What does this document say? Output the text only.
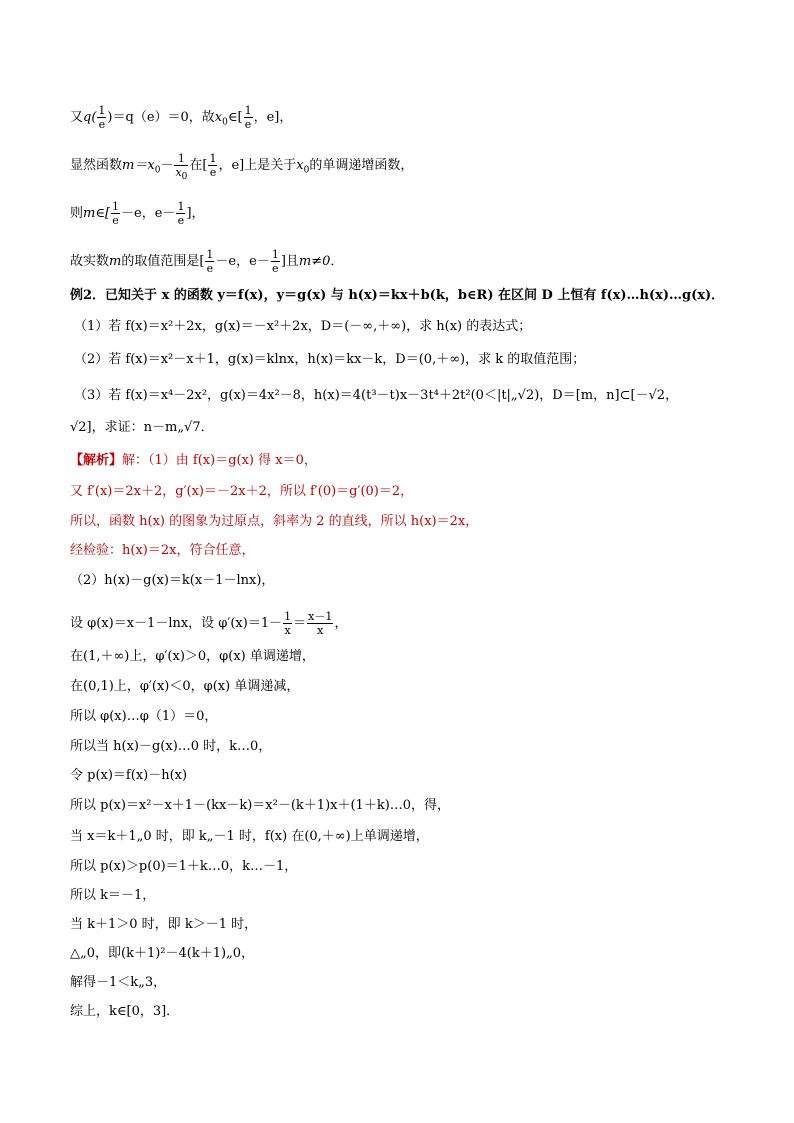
又$q( \frac{1}{e} )=q(e)=0$，故$x_0\in[ \frac{1}{e}$ ，e]，
显然函数$m=x_0- \frac{1}{x_0}$ 在[ $\frac{1}{e}$ ，e]上是关于$x_0$的单调递增函数，
则m∈[ $\frac{1}{e} -e$，$e- \frac{1}{e}$ ]，
故实数m的取值范围是[ $\frac{1}{e} -e$，$e- \frac{1}{e}$ ]且m≠0．
例2．已知关于 x 的函数 y＝f(x)，y＝g(x) 与 h(x)＝kx＋b(k，b∈R) 在区间 D 上恒有 f(x)…h(x)…g(x)．
（1）若 f(x)＝x²＋2x，g(x)＝－x²＋2x，D＝(－∞,＋∞)，求 h(x) 的表达式；
（2）若 f(x)＝x²－x＋1，g(x)＝klnx，h(x)＝kx－k，D＝(0,＋∞)，求 k 的取值范围；
（3）若 f(x)＝x⁴－2x²，g(x)＝4x²－8，h(x)＝4(t³－t)x－3t⁴＋2t²(0＜|t|„√2)，D＝[m，n]⊂[－√2，
√2]，求证：n－m„√7．
【解析】解：（1）由 f(x)＝g(x) 得 x＝0，
又 f′(x)＝2x＋2，g′(x)＝－2x＋2，所以 f′(0)＝g′(0)＝2，
所以，函数 h(x) 的图象为过原点，斜率为 2 的直线，所以 h(x)＝2x，
经检验：h(x)＝2x，符合任意，
（2）h(x)－g(x)＝k(x－1－lnx)，
设 φ(x)＝x－1－lnx，设 $\varphi'(x)=1- \frac{1}{x} = \frac{x-1}{x}$ ，
在(1,＋∞)上，φ′(x)＞0，φ(x) 单调递增，
在(0,1)上，φ′(x)＜0，φ(x) 单调递减，
所以 φ(x)…φ（1）＝0，
所以当 h(x)－g(x)…0 时，k…0，
令 p(x)＝f(x)－h(x)
所以 p(x)＝x²－x＋1－(kx－k)＝x²－(k＋1)x＋(1＋k)…0，得，
当 x＝k＋1„0 时，即 k„－1 时，f(x) 在(0,＋∞)上单调递增，
所以 p(x)＞p(0)＝1＋k…0，k…－1，
所以 k＝－1，
当 k＋1＞0 时，即 k＞－1 时，
△„0，即(k＋1)²－4(k＋1)„0，
解得－1＜k„3，
综上，k∈[0，3]．
